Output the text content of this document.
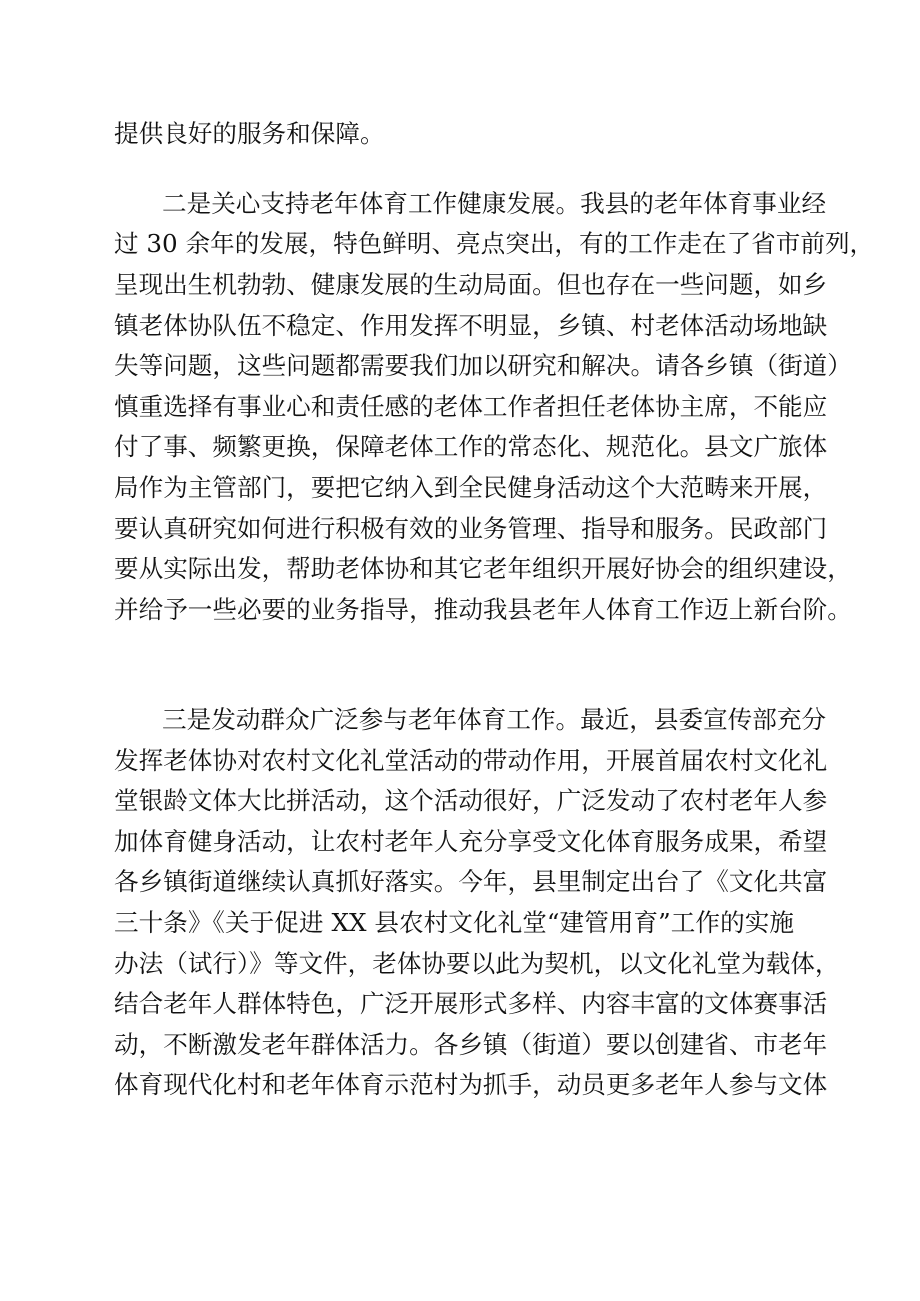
提供良好的服务和保障。
二是关心支持老年体育工作健康发展。我县的老年体育事业经
过 30 余年的发展，特色鲜明、亮点突出，有的工作走在了省市前列，
呈现出生机勃勃、健康发展的生动局面。但也存在一些问题，如乡
镇老体协队伍不稳定、作用发挥不明显，乡镇、村老体活动场地缺
失等问题，这些问题都需要我们加以研究和解决。请各乡镇（街道）
慎重选择有事业心和责任感的老体工作者担任老体协主席，不能应
付了事、频繁更换，保障老体工作的常态化、规范化。县文广旅体
局作为主管部门，要把它纳入到全民健身活动这个大范畴来开展，
要认真研究如何进行积极有效的业务管理、指导和服务。民政部门
要从实际出发，帮助老体协和其它老年组织开展好协会的组织建设，
并给予一些必要的业务指导，推动我县老年人体育工作迈上新台阶。
三是发动群众广泛参与老年体育工作。最近，县委宣传部充分
发挥老体协对农村文化礼堂活动的带动作用，开展首届农村文化礼
堂银龄文体大比拼活动，这个活动很好，广泛发动了农村老年人参
加体育健身活动，让农村老年人充分享受文化体育服务成果，希望
各乡镇街道继续认真抓好落实。今年，县里制定出台了《文化共富
三十条》《关于促进 XX 县农村文化礼堂“建管用育”工作的实施
办法（试行）》等文件，老体协要以此为契机，以文化礼堂为载体，
结合老年人群体特色，广泛开展形式多样、内容丰富的文体赛事活
动，不断激发老年群体活力。各乡镇（街道）要以创建省、市老年
体育现代化村和老年体育示范村为抓手，动员更多老年人参与文体
